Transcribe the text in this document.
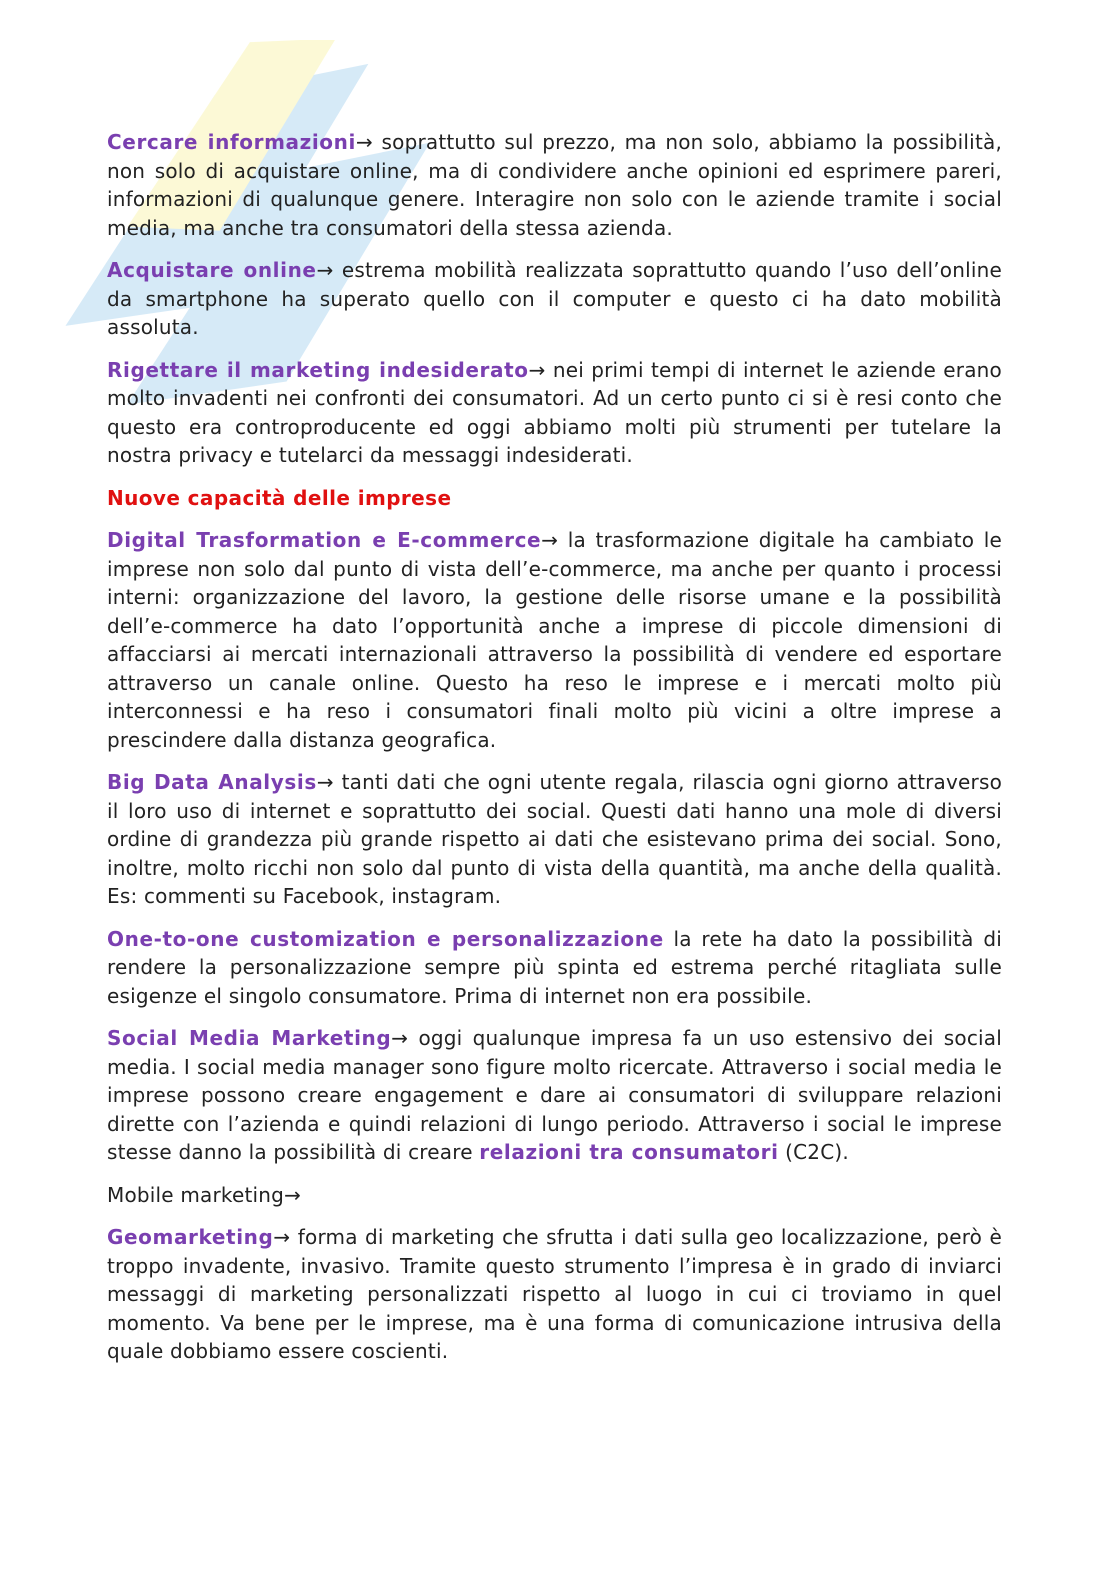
Cercare informazioni→ soprattutto sul prezzo, ma non solo, abbiamo la possibilità, non solo di acquistare online, ma di condividere anche opinioni ed esprimere pareri, informazioni di qualunque genere. Interagire non solo con le aziende tramite i social media, ma anche tra consumatori della stessa azienda.

Acquistare online→ estrema mobilità realizzata soprattutto quando l’uso dell’online da smartphone ha superato quello con il computer e questo ci ha dato mobilità assoluta.

Rigettare il marketing indesiderato→ nei primi tempi di internet le aziende erano molto invadenti nei confronti dei consumatori. Ad un certo punto ci si è resi conto che questo era controproducente ed oggi abbiamo molti più strumenti per tutelare la nostra privacy e tutelarci da messaggi indesiderati.

Nuove capacità delle imprese

Digital Trasformation e E-commerce→ la trasformazione digitale ha cambiato le imprese non solo dal punto di vista dell’e-commerce, ma anche per quanto i processi interni: organizzazione del lavoro, la gestione delle risorse umane e la possibilità dell’e-commerce ha dato l’opportunità anche a imprese di piccole dimensioni di affacciarsi ai mercati internazionali attraverso la possibilità di vendere ed esportare attraverso un canale online. Questo ha reso le imprese e i mercati molto più interconnessi e ha reso i consumatori finali molto più vicini a oltre imprese a prescindere dalla distanza geografica.

Big Data Analysis→ tanti dati che ogni utente regala, rilascia ogni giorno attraverso il loro uso di internet e soprattutto dei social. Questi dati hanno una mole di diversi ordine di grandezza più grande rispetto ai dati che esistevano prima dei social. Sono, inoltre, molto ricchi non solo dal punto di vista della quantità, ma anche della qualità. Es: commenti su Facebook, instagram.

One-to-one customization e personalizzazione la rete ha dato la possibilità di rendere la personalizzazione sempre più spinta ed estrema perché ritagliata sulle esigenze el singolo consumatore. Prima di internet non era possibile.

Social Media Marketing→ oggi qualunque impresa fa un uso estensivo dei social media. I social media manager sono figure molto ricercate. Attraverso i social media le imprese possono creare engagement e dare ai consumatori di sviluppare relazioni dirette con l’azienda e quindi relazioni di lungo periodo. Attraverso i social le imprese stesse danno la possibilità di creare relazioni tra consumatori (C2C).

Mobile marketing→

Geomarketing→ forma di marketing che sfrutta i dati sulla geo localizzazione, però è troppo invadente, invasivo. Tramite questo strumento l’impresa è in grado di inviarci messaggi di marketing personalizzati rispetto al luogo in cui ci troviamo in quel momento. Va bene per le imprese, ma è una forma di comunicazione intrusiva della quale dobbiamo essere coscienti.
